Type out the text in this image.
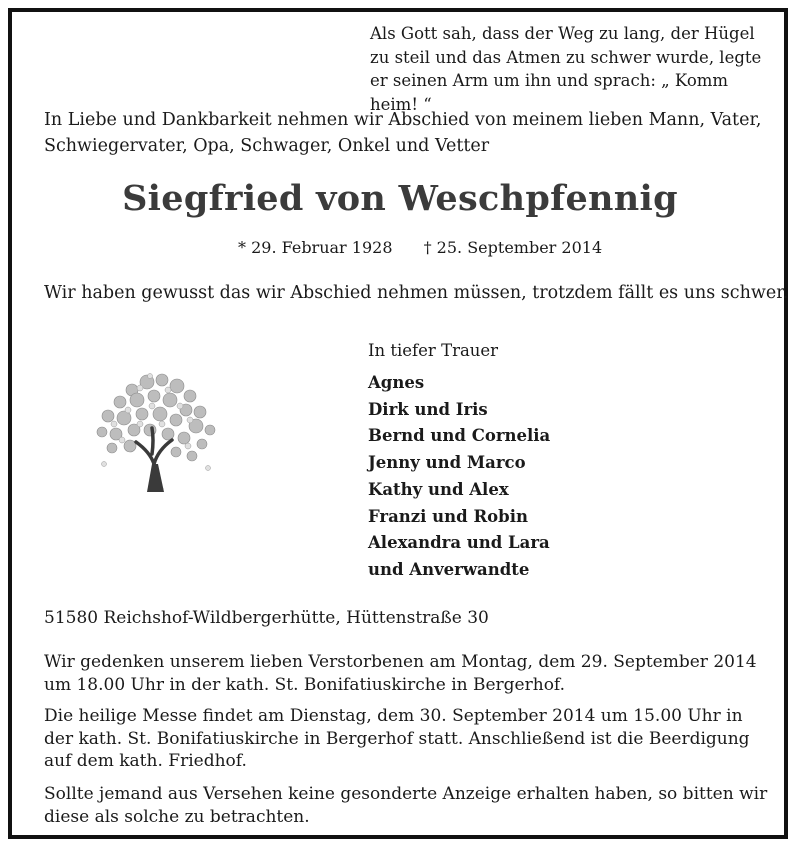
Als Gott sah, dass der Weg zu lang, der Hügel
zu steil und das Atmen zu schwer wurde, legte
er seinen Arm um ihn und sprach: „ Komm heim! “
In Liebe und Dankbarkeit nehmen wir Abschied von meinem lieben Mann, Vater,
Schwiegervater, Opa, Schwager, Onkel und Vetter
Siegfried von Weschpfennig
* 29. Februar 1928 † 25. September 2014
Wir haben gewusst das wir Abschied nehmen müssen, trotzdem fällt es uns schwer.
In tiefer Trauer
Agnes
Dirk und Iris
Bernd und Cornelia
Jenny und Marco
Kathy und Alex
Franzi und Robin
Alexandra und Lara
und Anverwandte
51580 Reichshof-Wildbergerhütte, Hüttenstraße 30
Wir gedenken unserem lieben Verstorbenen am Montag, dem 29. September 2014
um 18.00 Uhr in der kath. St. Bonifatiuskirche in Bergerhof.
Die heilige Messe findet am Dienstag, dem 30. September 2014 um 15.00 Uhr in
der kath. St. Bonifatiuskirche in Bergerhof statt. Anschließend ist die Beerdigung
auf dem kath. Friedhof.
Sollte jemand aus Versehen keine gesonderte Anzeige erhalten haben, so bitten wir
diese als solche zu betrachten.
